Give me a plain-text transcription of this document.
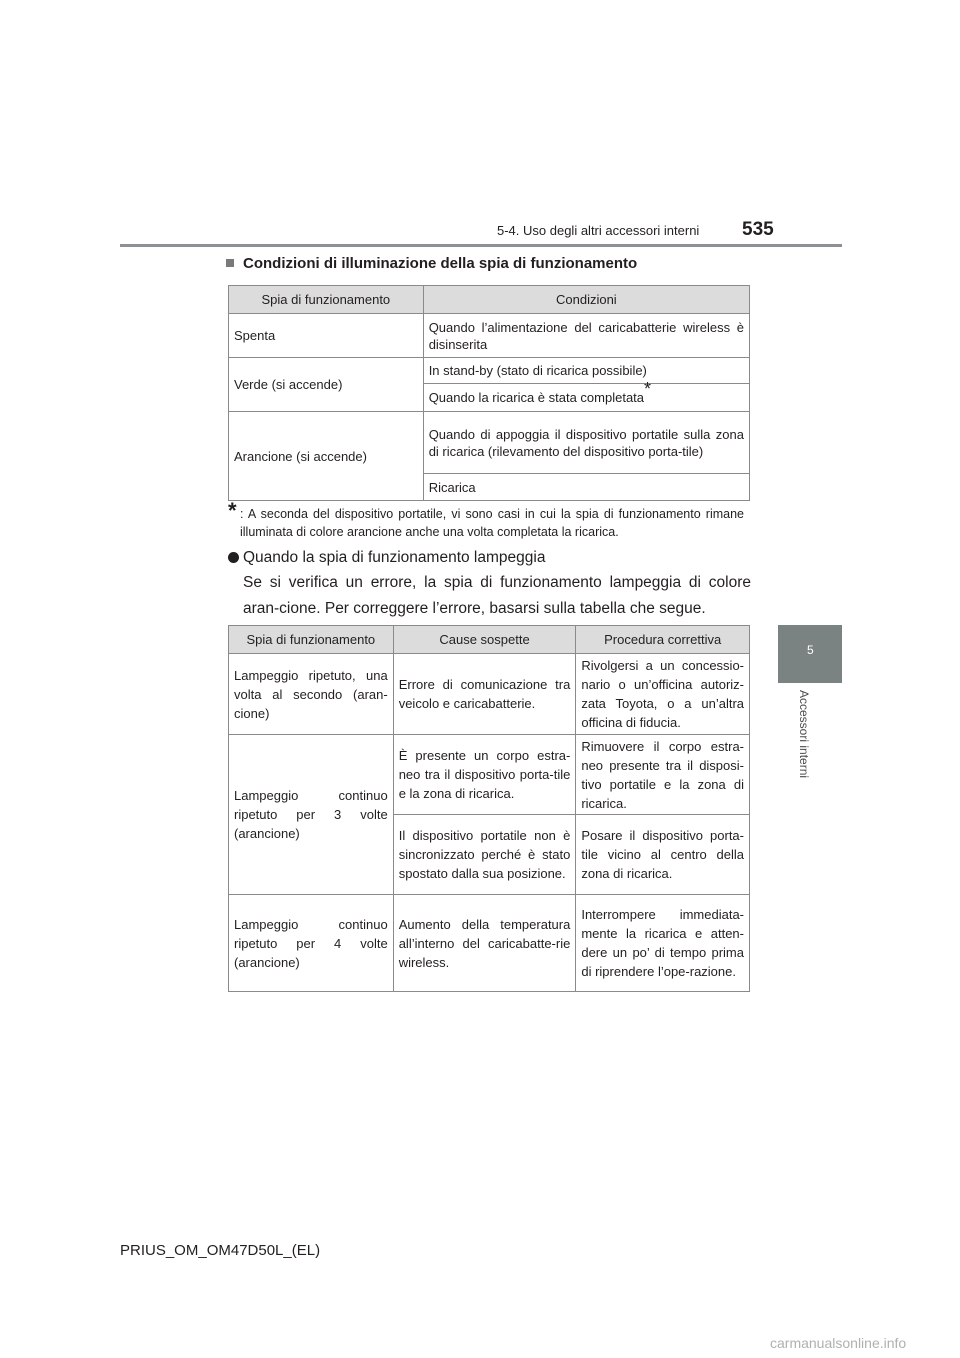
5-4. Uso degli altri accessori interni 535
5
Accessori interni
Condizioni di illuminazione della spia di funzionamento
Spia di funzionamento	Condizioni
Spenta	Quando l’alimentazione del caricabatterie wireless è disinserita
Verde (si accende)	In stand-by (stato di ricarica possibile)
	Quando la ricarica è stata completata*
Arancione (si accende)	Quando di appoggia il dispositivo portatile sulla zona di ricarica (rilevamento del dispositivo porta-tile)
	Ricarica
* : A seconda del dispositivo portatile, vi sono casi in cui la spia di funzionamento rimane illuminata di colore arancione anche una volta completata la ricarica.
Quando la spia di funzionamento lampeggia
Se si verifica un errore, la spia di funzionamento lampeggia di colore aran-cione. Per correggere l’errore, basarsi sulla tabella che segue.
Spia di funzionamento	Cause sospette	Procedura correttiva
Lampeggio ripetuto, una volta al secondo (aran-cione)	Errore di comunicazione tra veicolo e caricabatterie.	Rivolgersi a un concessio-nario o un’officina autoriz-zata Toyota, o a un’altra officina di fiducia.
Lampeggio continuo ripetuto per 3 volte (arancione)	È presente un corpo estra-neo tra il dispositivo porta-tile e la zona di ricarica.	Rimuovere il corpo estra-neo presente tra il disposi-tivo portatile e la zona di ricarica.
	Il dispositivo portatile non è sincronizzato perché è stato spostato dalla sua posizione.	Posare il dispositivo porta-tile vicino al centro della zona di ricarica.
Lampeggio continuo ripetuto per 4 volte (arancione)	Aumento della temperatura all’interno del caricabatte-rie wireless.	Interrompere immediata-mente la ricarica e atten-dere un po’ di tempo prima di riprendere l’ope-razione.
PRIUS_OM_OM47D50L_(EL)
carmanualsonline.info
